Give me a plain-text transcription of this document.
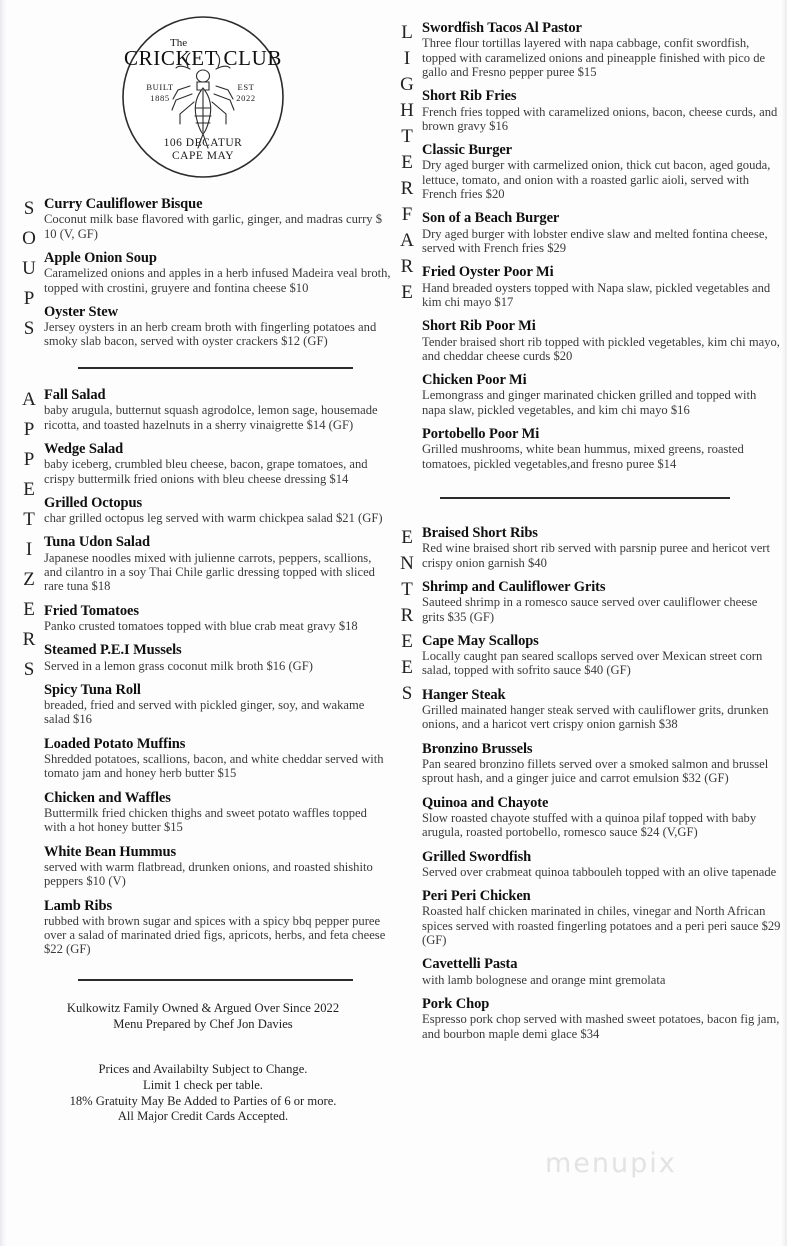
The
CRICKET CLUB
BUILT
1885
EST
2022
106 DECATUR
CAPE MAY
S
O
U
P
S
Curry Cauliflower Bisque
Coconut milk base flavored with garlic, ginger, and madras curry $ 10 (V, GF)
Apple Onion Soup
Caramelized onions and apples in a herb infused Madeira veal broth, topped with crostini, gruyere and fontina cheese $10
Oyster Stew
Jersey oysters in an herb cream broth with fingerling potatoes and smoky slab bacon, served with oyster crackers $12 (GF)
A
P
P
E
T
I
Z
E
R
S
Fall Salad
baby arugula, butternut squash agrodolce, lemon sage, housemade ricotta, and toasted hazelnuts in a sherry vinaigrette $14 (GF)
Wedge Salad
baby iceberg, crumbled bleu cheese, bacon, grape tomatoes, and crispy buttermilk fried onions with bleu cheese dressing $14
Grilled Octopus
char grilled octopus leg served with warm chickpea salad $21 (GF)
Tuna Udon Salad
Japanese noodles mixed with julienne carrots, peppers, scallions, and cilantro in a soy Thai Chile garlic dressing topped with sliced rare tuna $18
Fried Tomatoes
Panko crusted tomatoes topped with blue crab meat gravy $18
Steamed P.E.I Mussels
Served in a lemon grass coconut milk broth $16 (GF)
Spicy Tuna Roll
breaded, fried and served with pickled ginger, soy, and wakame salad $16
Loaded Potato Muffins
Shredded potatoes, scallions, bacon, and white cheddar served with tomato jam and honey herb butter $15
Chicken and Waffles
Buttermilk fried chicken thighs and sweet potato waffles topped with a hot honey butter $15
White Bean Hummus
served with warm flatbread, drunken onions, and roasted shishito peppers $10 (V)
Lamb Ribs
rubbed with brown sugar and spices with a spicy bbq pepper puree over a salad of marinated dried figs, apricots, herbs, and feta cheese $22 (GF)
Kulkowitz Family Owned & Argued Over Since 2022
Menu Prepared by Chef Jon Davies
Prices and Availabilty Subject to Change.
Limit 1 check per table.
18% Gratuity May Be Added to Parties of 6 or more.
All Major Credit Cards Accepted.
L
I
G
H
T
E
R
F
A
R
E
Swordfish Tacos Al Pastor
Three flour tortillas layered with napa cabbage, confit swordfish, topped with caramelized onions and pineapple finished with pico de gallo and Fresno pepper puree $15
Short Rib Fries
French fries topped with caramelized onions, bacon, cheese curds, and brown gravy $16
Classic Burger
Dry aged burger with carmelized onion, thick cut bacon, aged gouda, lettuce, tomato, and onion with a roasted garlic aioli, served with French fries $20
Son of a Beach Burger
Dry aged burger with lobster endive slaw and melted fontina cheese, served with French fries $29
Fried Oyster Poor Mi
Hand breaded oysters topped with Napa slaw, pickled vegetables and kim chi mayo $17
Short Rib Poor Mi
Tender braised short rib topped with pickled vegetables, kim chi mayo, and cheddar cheese curds $20
Chicken Poor Mi
Lemongrass and ginger marinated chicken grilled and topped with napa slaw, pickled vegetables, and kim chi mayo $16
Portobello Poor Mi
Grilled mushrooms, white bean hummus, mixed greens, roasted tomatoes, pickled vegetables,and fresno puree $14
E
N
T
R
E
E
S
Braised Short Ribs
Red wine braised short rib served with parsnip puree and hericot vert crispy onion garnish $40
Shrimp and Cauliflower Grits
Sauteed shrimp in a romesco sauce served over cauliflower cheese grits $35 (GF)
Cape May Scallops
Locally caught pan seared scallops served over Mexican street corn salad, topped with sofrito sauce $40 (GF)
Hanger Steak
Grilled mainated hanger steak served with cauliflower grits, drunken onions, and a haricot vert crispy onion garnish $38
Bronzino Brussels
Pan seared bronzino fillets served over a smoked salmon and brussel sprout hash, and a ginger juice and carrot emulsion $32 (GF)
Quinoa and Chayote
Slow roasted chayote stuffed with a quinoa pilaf topped with baby arugula, roasted portobello, romesco sauce $24 (V,GF)
Grilled Swordfish
Served over crabmeat quinoa tabbouleh topped with an olive tapenade
Peri Peri Chicken
Roasted half chicken marinated in chiles, vinegar and North African spices served with roasted fingerling potatoes and a peri peri sauce $29 (GF)
Cavettelli Pasta
with lamb bolognese and orange mint gremolata
Pork Chop
Espresso pork chop served with mashed sweet potatoes, bacon fig jam, and bourbon maple demi glace $34
menupix
